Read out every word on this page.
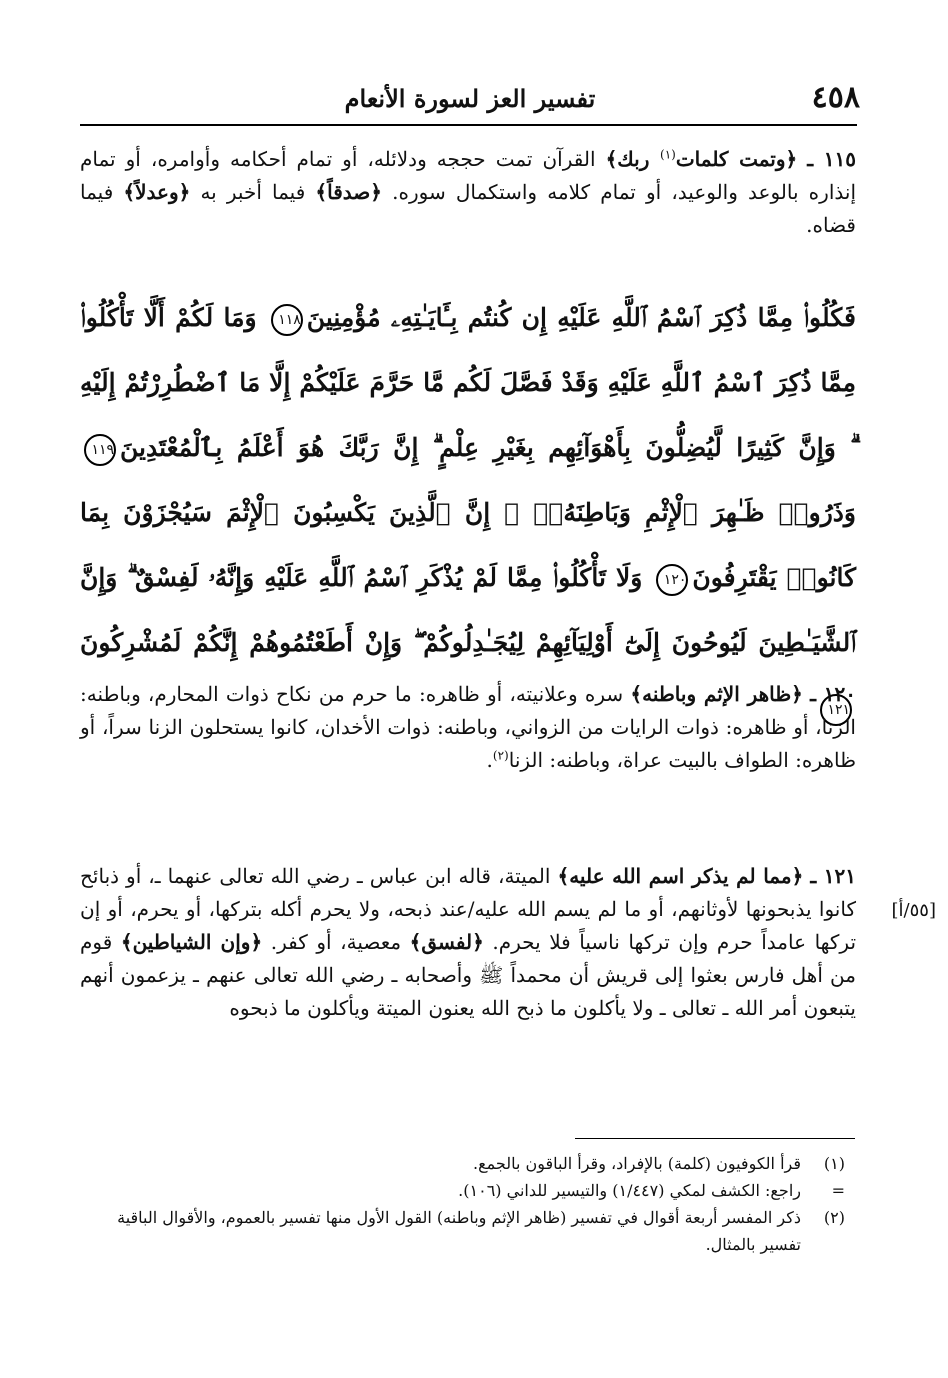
٤٥٨
تفسير العز لسورة الأنعام

١١٥ ـ ﴿وتمت كلمات$^{(١)}$ ربك﴾ القرآن تمت حججه ودلائله، أو تمام أحكامه وأوامره، أو تمام إنذاره بالوعد والوعيد، أو تمام كلامه واستكمال سوره. ﴿صدقاً﴾ فيما أخبر به ﴿وعدلاً﴾ فيما قضاه.

فَكُلُوا۟ مِمَّا ذُكِرَ ٱسْمُ ٱللَّهِ عَلَيْهِ إِن كُنتُم بِـَٔايَـٰتِهِۦ مُؤْمِنِينَ١١٨ وَمَا لَكُمْ أَلَّا تَأْكُلُوا۟ مِمَّا ذُكِرَ ٱسْمُ ٱللَّهِ عَلَيْهِ وَقَدْ فَصَّلَ لَكُم مَّا حَرَّمَ عَلَيْكُمْ إِلَّا مَا ٱضْطُرِرْتُمْ إِلَيْهِ ۗ وَإِنَّ كَثِيرًا لَّيُضِلُّونَ بِأَهْوَآئِهِم بِغَيْرِ عِلْمٍ ۗ إِنَّ رَبَّكَ هُوَ أَعْلَمُ بِٱلْمُعْتَدِينَ١١٩ وَذَرُوا۟ ظَـٰهِرَ ٱلْإِثْمِ وَبَاطِنَهُۥٓ ۚ إِنَّ ٱلَّذِينَ يَكْسِبُونَ ٱلْإِثْمَ سَيُجْزَوْنَ بِمَا كَانُوا۟ يَقْتَرِفُونَ١٢٠ وَلَا تَأْكُلُوا۟ مِمَّا لَمْ يُذْكَرِ ٱسْمُ ٱللَّهِ عَلَيْهِ وَإِنَّهُۥ لَفِسْقٌ ۗ وَإِنَّ ٱلشَّيَـٰطِينَ لَيُوحُونَ إِلَىٰٓ أَوْلِيَآئِهِمْ لِيُجَـٰدِلُوكُمْ ۖ وَإِنْ أَطَعْتُمُوهُمْ إِنَّكُمْ لَمُشْرِكُونَ١٢١

١٢٠ ـ ﴿ظاهر الإثم وباطنه﴾ سره وعلانيته، أو ظاهره: ما حرم من نكاح ذوات المحارم، وباطنه: الزنا، أو ظاهره: ذوات الرايات من الزواني، وباطنه: ذوات الأخدان، كانوا يستحلون الزنا سراً، أو ظاهره: الطواف بالبيت عراة، وباطنه: الزنا$^{(٢)}$.

١٢١ ـ ﴿مما لم يذكر اسم الله عليه﴾ الميتة، قاله ابن عباس ـ رضي الله تعالى عنهما ـ، أو ذبائح كانوا يذبحونها لأوثانهم، أو ما لم يسم الله عليه/عند ذبحه، ولا يحرم أكله بتركها، أو يحرم، أو إن تركها عامداً حرم وإن تركها ناسياً فلا يحرم. ﴿لفسق﴾ معصية، أو كفر. ﴿وإن الشياطين﴾ قوم من أهل فارس بعثوا إلى قريش أن محمداً ﷺ وأصحابه ـ رضي الله تعالى عنهم ـ يزعمون أنهم يتبعون أمر الله ـ تعالى ـ ولا يأكلون ما ذبح الله يعنون الميتة ويأكلون ما ذبحوه

[٥٥/أ]
(١)
قرأ الكوفيون (كلمة) بالإفراد، وقرأ الباقون بالجمع.
=
راجع: الكشف لمكي (١/٤٤٧) والتيسير للداني (١٠٦).
(٢)
ذكر المفسر أربعة أقوال في تفسير (ظاهر الإثم وباطنه) القول الأول منها تفسير بالعموم، والأقوال الباقية تفسير بالمثال.
